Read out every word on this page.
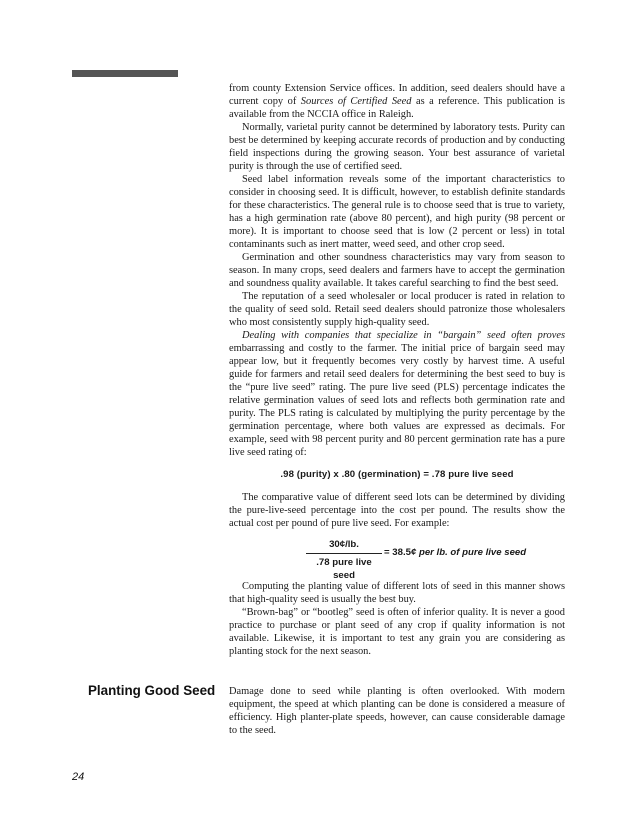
from county Extension Service offices. In addition, seed dealers should have a current copy of Sources of Certified Seed as a reference. This publication is available from the NCCIA office in Raleigh.

Normally, varietal purity cannot be determined by laboratory tests. Purity can best be determined by keeping accurate records of production and by conducting field inspections during the growing season. Your best assurance of varietal purity is through the use of certified seed.

Seed label information reveals some of the important characteristics to consider in choosing seed. It is difficult, however, to establish definite standards for these characteristics. The general rule is to choose seed that is true to variety, has a high germination rate (above 80 percent), and high purity (98 percent or more). It is important to choose seed that is low (2 percent or less) in total contaminants such as inert matter, weed seed, and other crop seed.

Germination and other soundness characteristics may vary from season to season. In many crops, seed dealers and farmers have to accept the germination and soundness quality available. It takes careful searching to find the best seed.

The reputation of a seed wholesaler or local producer is rated in relation to the quality of seed sold. Retail seed dealers should patronize those wholesalers who most consistently supply high-quality seed.

Dealing with companies that specialize in “bargain” seed often proves embarrassing and costly to the farmer. The initial price of bargain seed may appear low, but it frequently becomes very costly by harvest time. A useful guide for farmers and retail seed dealers for determining the best seed to buy is the “pure live seed” rating. The pure live seed (PLS) percentage indicates the relative germination values of seed lots and reflects both germination rate and purity. The PLS rating is calculated by multiplying the purity percentage by the germination percentage, where both values are expressed as decimals. For example, seed with 98 percent purity and 80 percent germination rate has a pure live seed rating of:

.98 (purity) x .80 (germination) = .78 pure live seed

The comparative value of different seed lots can be determined by dividing the pure-live-seed percentage into the cost per pound. The results show the actual cost per pound of pure live seed. For example:

30¢/lb.
.78 pure live seed
= 38.5¢ per lb. of pure live seed

Computing the planting value of different lots of seed in this manner shows that high-quality seed is usually the best buy.

“Brown-bag” or “bootleg” seed is often of inferior quality. It is never a good practice to purchase or plant seed of any crop if quality information is not available. Likewise, it is important to test any grain you are considering as planting stock for the next season.

Planting Good Seed Damage done to seed while planting is often overlooked. With modern equipment, the speed at which planting can be done is considered a measure of efficiency. High planter-plate speeds, however, can cause considerable damage to the seed.

24
